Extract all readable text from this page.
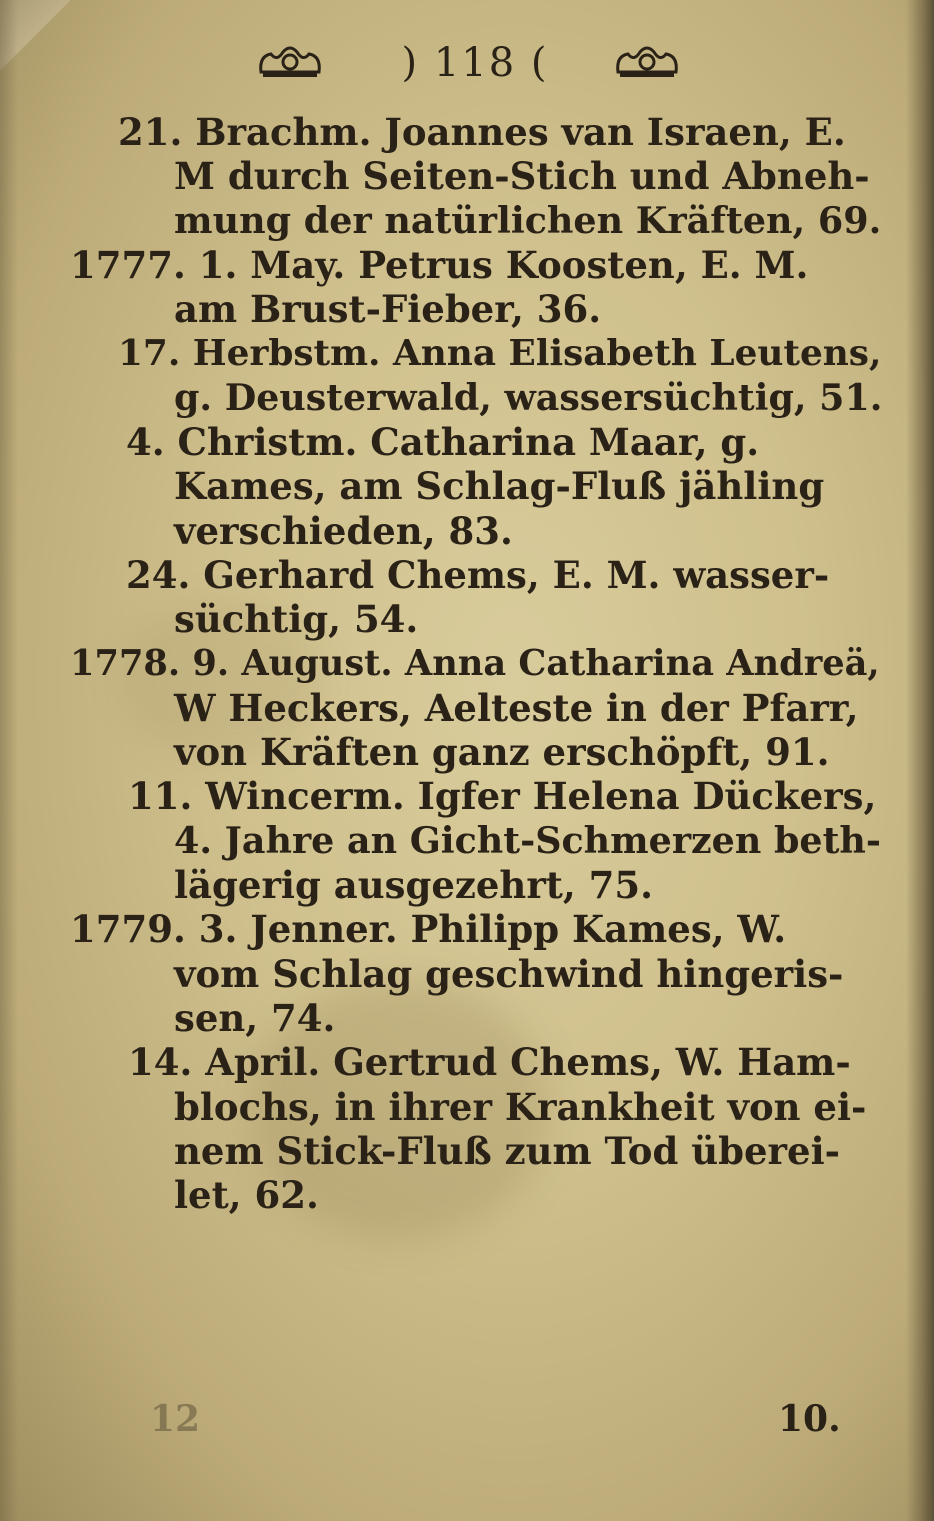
) 118 (
21. Brachm. Joannes van Israen, E.
M durch Seiten-Stich und Abneh-
mung der natürlichen Kräften, 69.
1777. 1. May. Petrus Koosten, E. M.
am Brust-Fieber, 36.
17. Herbstm. Anna Elisabeth Leutens,
g. Deusterwald, wassersüchtig, 51.
4. Christm. Catharina Maar, g.
Kames, am Schlag-Fluß jähling
verschieden, 83.
24. Gerhard Chems, E. M. wasser-
süchtig, 54.
1778. 9. August. Anna Catharina Andreä,
W Heckers, Aelteste in der Pfarr,
von Kräften ganz erschöpft, 91.
11. Wincerm. Igfer Helena Dückers,
4. Jahre an Gicht-Schmerzen beth-
lägerig ausgezehrt, 75.
1779. 3. Jenner. Philipp Kames, W.
vom Schlag geschwind hingeris-
sen, 74.
14. April. Gertrud Chems, W. Ham-
blochs, in ihrer Krankheit von ei-
nem Stick-Fluß zum Tod überei-
let, 62.
12	10.
